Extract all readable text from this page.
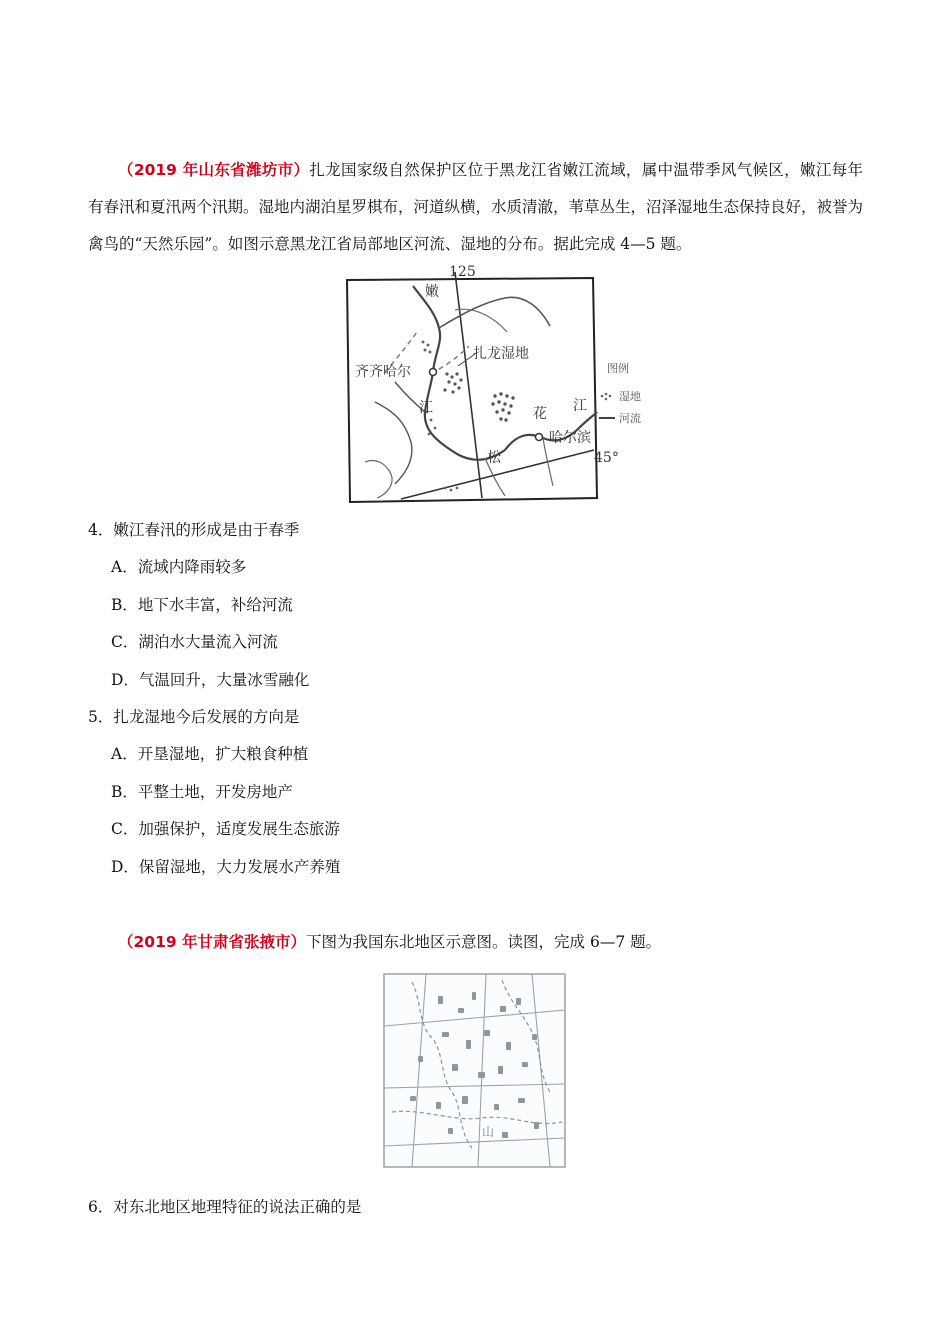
（2019 年山东省潍坊市）扎龙国家级自然保护区位于黑龙江省嫩江流域，属中温带季风气候区，嫩江每年有春汛和夏汛两个汛期。湿地内湖泊星罗棋布，河道纵横，水质清澈，苇草丛生，沼泽湿地生态保持良好，被誉为禽鸟的“天然乐园”。如图示意黑龙江省局部地区河流、湿地的分布。据此完成 4—5 题。
125
45°
嫩
扎龙湿地
齐齐哈尔
江	花 江
松
哈尔滨
图例
湿地
河流
4．嫩江春汛的形成是由于春季
A．流域内降雨较多
B．地下水丰富，补给河流
C．湖泊水大量流入河流
D．气温回升，大量冰雪融化
5．扎龙湿地今后发展的方向是
A．开垦湿地，扩大粮食种植
B．平整土地，开发房地产
C．加强保护，适度发展生态旅游
D．保留湿地，大力发展水产养殖
（2019 年甘肃省张掖市）下图为我国东北地区示意图。读图，完成 6—7 题。
山
6．对东北地区地理特征的说法正确的是
